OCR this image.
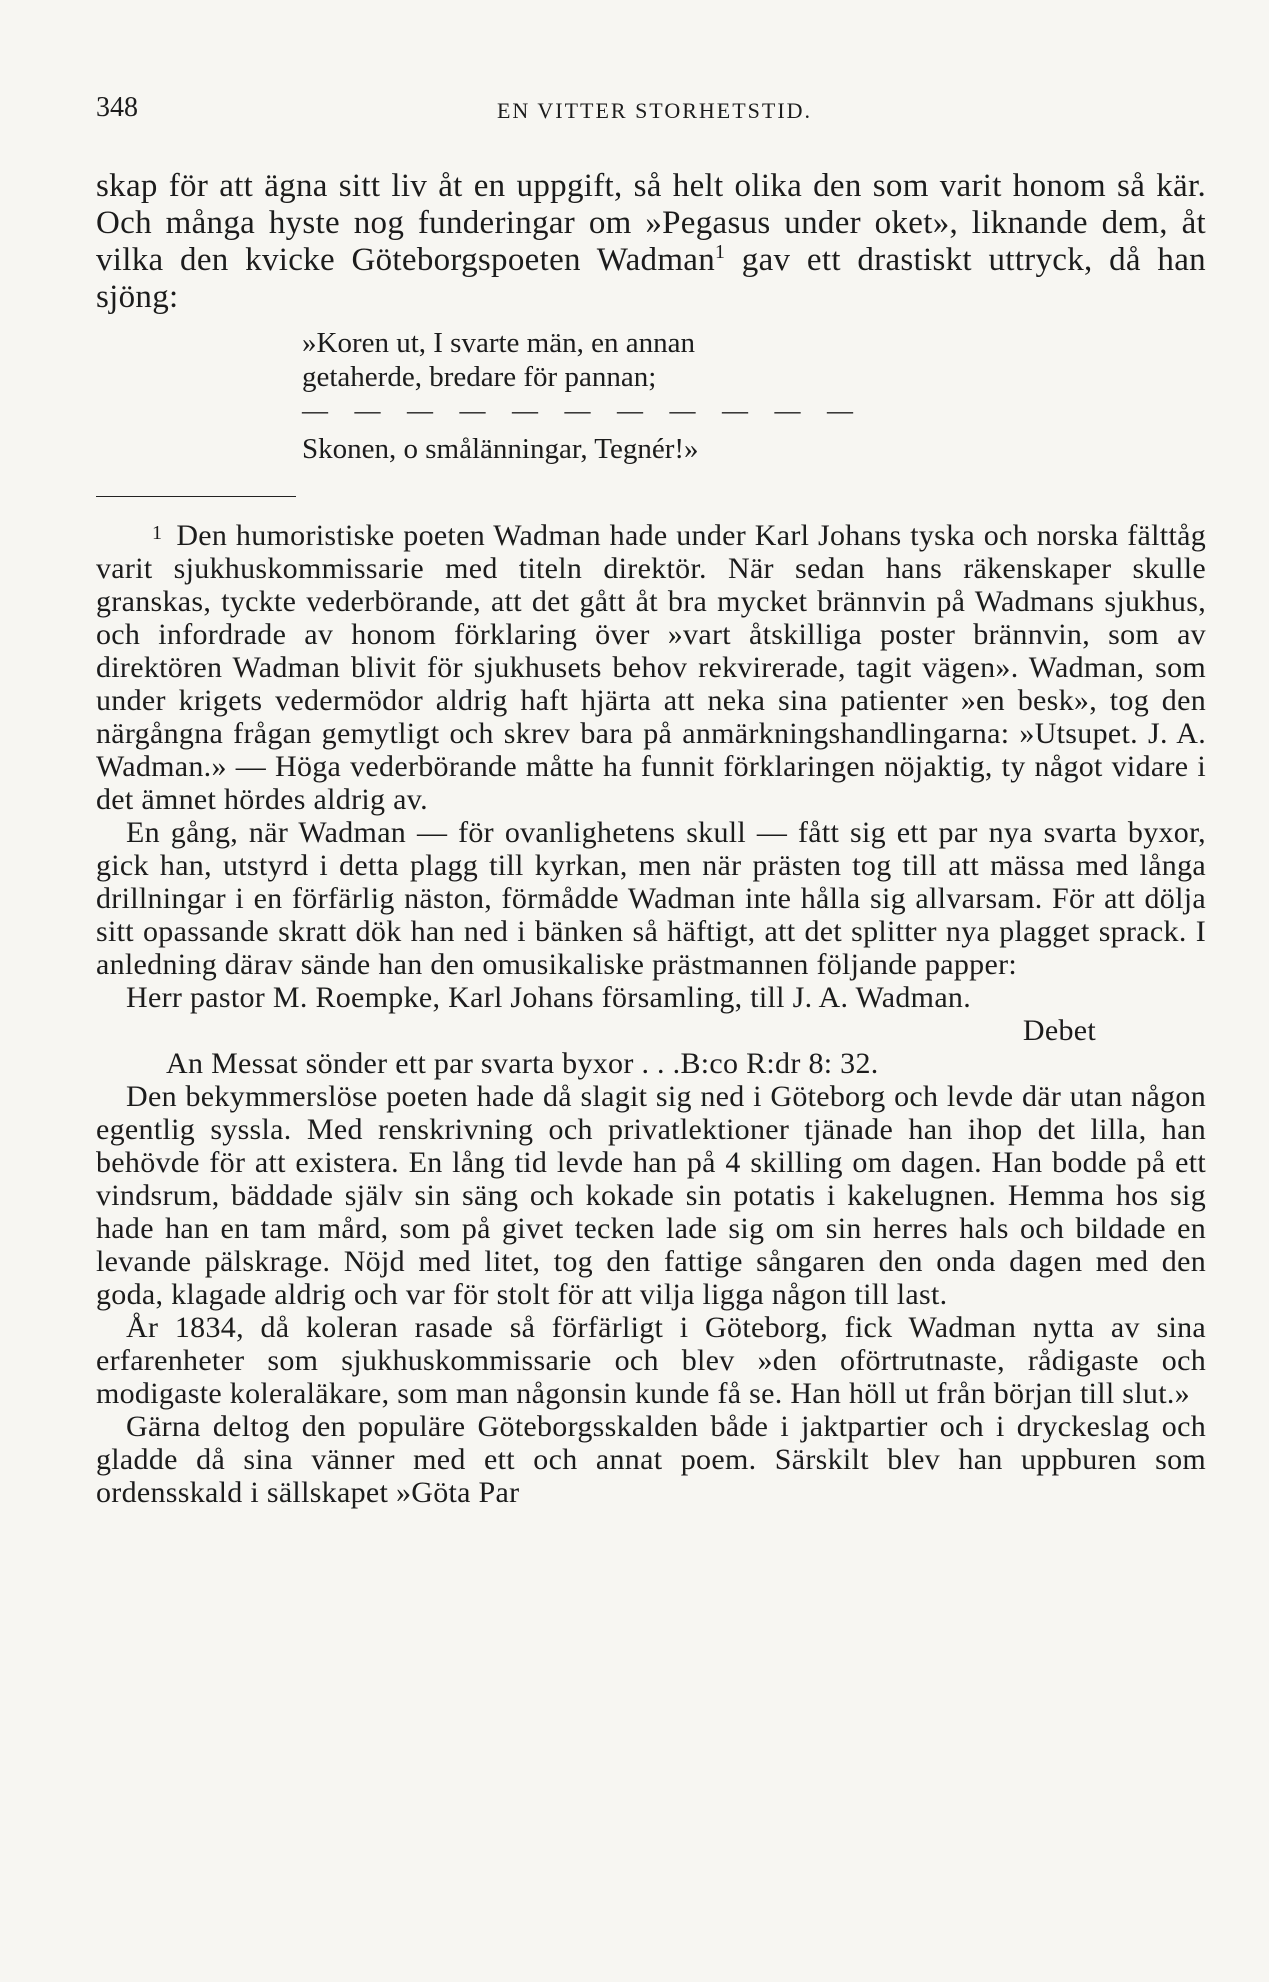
348	EN VITTER STORHETSTID.

skap för att ägna sitt liv åt en uppgift, så helt olika den som varit honom så kär. Och många hyste nog funderingar om »Pegasus under oket», liknande dem, åt vilka den kvicke Göteborgspoeten Wadman$^1$ gav ett drastiskt uttryck, då han sjöng:

»Koren ut, I svarte män, en annan
getaherde, bredare för pannan;
— — — — — — — — — — —
Skonen, o smålänningar, Tegnér!»

$^1$ Den humoristiske poeten Wadman hade under Karl Johans tyska och norska fälttåg varit sjukhuskommissarie med titeln direktör. När sedan hans räkenskaper skulle granskas, tyckte vederbörande, att det gått åt bra mycket brännvin på Wadmans sjukhus, och infordrade av honom förklaring över »vart åtskilliga poster brännvin, som av direktören Wadman blivit för sjukhusets behov rekvirerade, tagit vägen». Wadman, som under krigets vedermödor aldrig haft hjärta att neka sina patienter »en besk», tog den närgångna frågan gemytligt och skrev bara på anmärkningshandlingarna: »Utsupet. J. A. Wadman.» — Höga vederbörande måtte ha funnit förklaringen nöjaktig, ty något vidare i det ämnet hördes aldrig av.

En gång, när Wadman — för ovanlighetens skull — fått sig ett par nya svarta byxor, gick han, utstyrd i detta plagg till kyrkan, men när prästen tog till att mässa med långa drillningar i en förfärlig näston, förmådde Wadman inte hålla sig allvarsam. För att dölja sitt opassande skratt dök han ned i bänken så häftigt, att det splitter nya plagget sprack. I anledning därav sände han den omusikaliske prästmannen följande papper:

Herr pastor M. Roempke, Karl Johans församling, till J. A. Wadman.

Debet

An Messat sönder ett par svarta byxor . . .B:co R:dr 8: 32.

Den bekymmerslöse poeten hade då slagit sig ned i Göteborg och levde där utan någon egentlig syssla. Med renskrivning och privatlektioner tjänade han ihop det lilla, han behövde för att existera. En lång tid levde han på 4 skilling om dagen. Han bodde på ett vindsrum, bäddade själv sin säng och kokade sin potatis i kakelugnen. Hemma hos sig hade han en tam mård, som på givet tecken lade sig om sin herres hals och bildade en levande pälskrage. Nöjd med litet, tog den fattige sångaren den onda dagen med den goda, klagade aldrig och var för stolt för att vilja ligga någon till last.

År 1834, då koleran rasade så förfärligt i Göteborg, fick Wadman nytta av sina erfarenheter som sjukhuskommissarie och blev »den oförtrutnaste, rådigaste och modigaste koleraläkare, som man någonsin kunde få se. Han höll ut från början till slut.»

Gärna deltog den populäre Göteborgsskalden både i jaktpartier och i dryckeslag och gladde då sina vänner med ett och annat poem. Särskilt blev han uppburen som ordensskald i sällskapet »Göta Par
